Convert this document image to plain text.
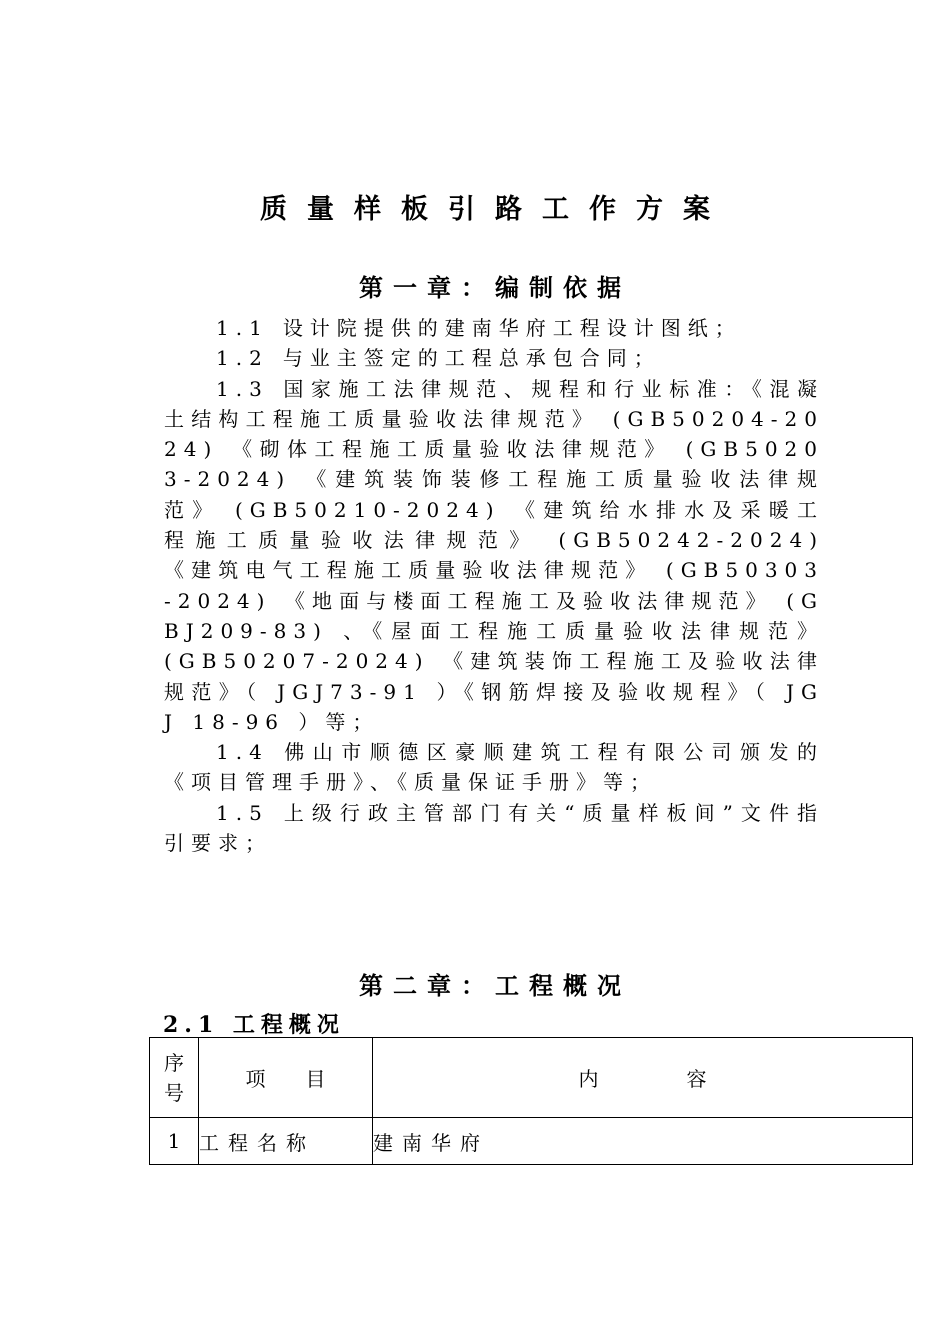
质量样板引路工作方案
第一章：编制依据

1.1 设计院提供的建南华府工程设计图纸；

1.2 与业主签定的工程总承包合同；

1.3 国家施工法律规范、规程和行业标准：《混凝土结构工程施工质量验收法律规范》 (GB50204-2024) 《砌体工程施工质量验收法律规范》 (GB50203-2024) 《建筑装饰装修工程施工质量验收法律规范》 (GB50210-2024) 《建筑给水排水及采暖工程施工质量验收法律规范》 (GB50242-2024) 《建筑电气工程施工质量验收法律规范》 (GB50303-2024) 《地面与楼面工程施工及验收法律规范》 (GBJ209-83) 、《屋面工程施工质量验收法律规范》 (GB50207-2024) 《建筑装饰工程施工及验收法律规范》（ JGJ73-91 ）《钢筋焊接及验收规程》（ JGJ 18-96 ）等；

1.4 佛山市顺德区豪顺建筑工程有限公司颁发的《项目管理手册》、《质量保证手册》等；

1.5 上级行政主管部门有关“质量样板间”文件指引要求；

第二章：工程概况
2.1 工程概况
序号	项目	内容
1	工程名称	建南华府
